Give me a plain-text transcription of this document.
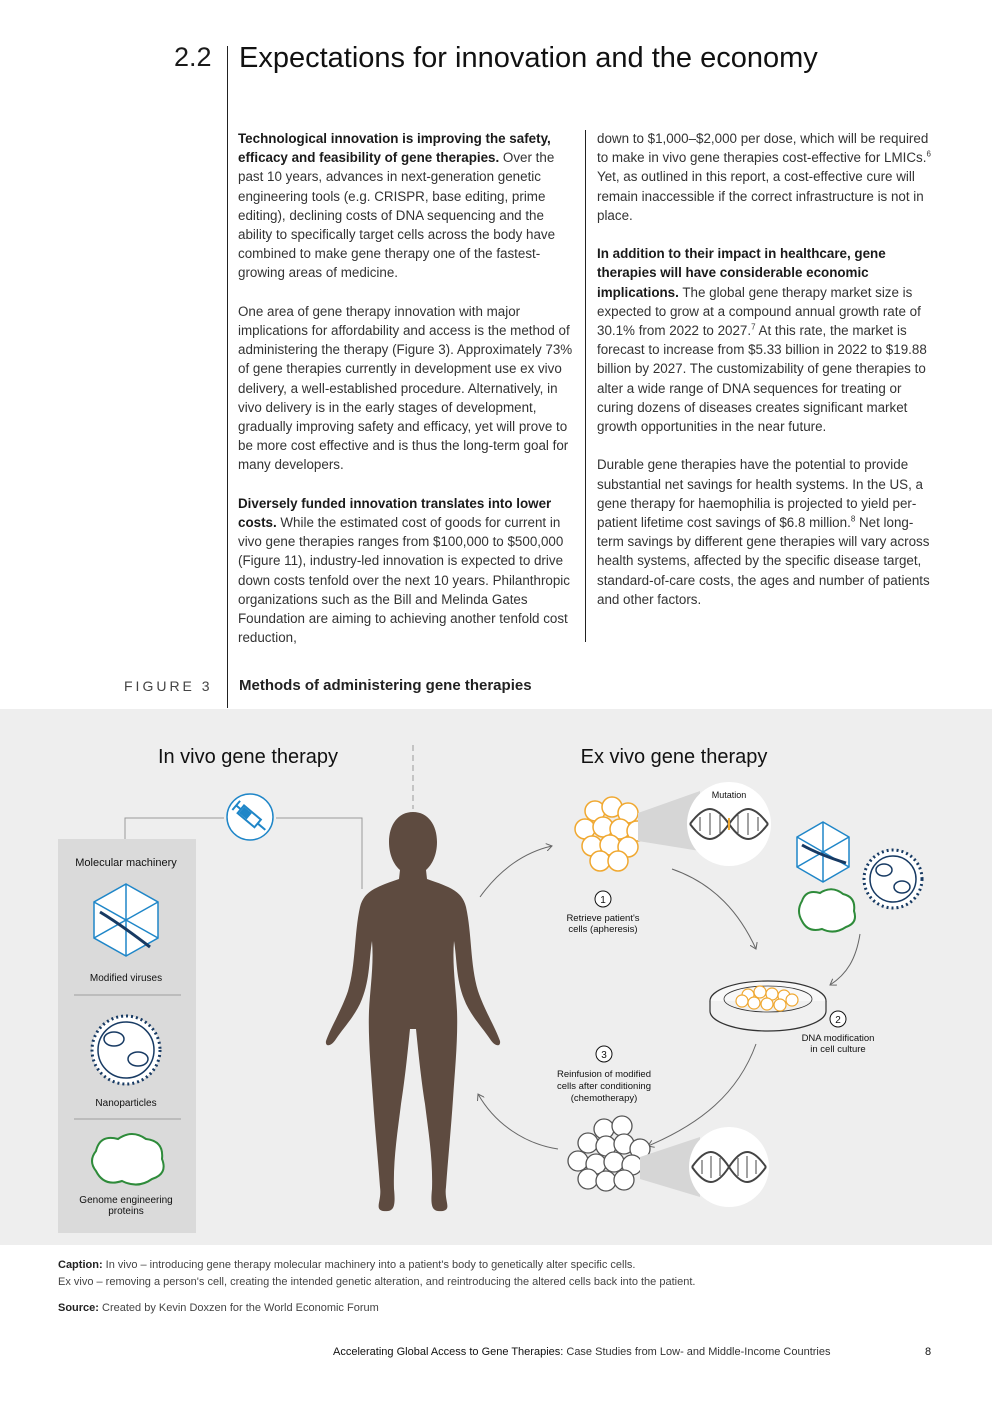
2.2 Expectations for innovation and the economy

Technological innovation is improving the safety, efficacy and feasibility of gene therapies. Over the past 10 years, advances in next-generation genetic engineering tools (e.g. CRISPR, base editing, prime editing), declining costs of DNA sequencing and the ability to specifically target cells across the body have combined to make gene therapy one of the fastest-growing areas of medicine.

One area of gene therapy innovation with major implications for affordability and access is the method of administering the therapy (Figure 3). Approximately 73% of gene therapies currently in development use ex vivo delivery, a well-established procedure. Alternatively, in vivo delivery is in the early stages of development, gradually improving safety and efficacy, yet will prove to be more cost effective and is thus the long-term goal for many developers.

Diversely funded innovation translates into lower costs. While the estimated cost of goods for current in vivo gene therapies ranges from $100,000 to $500,000 (Figure 11), industry-led innovation is expected to drive down costs tenfold over the next 10 years. Philanthropic organizations such as the Bill and Melinda Gates Foundation are aiming to achieving another tenfold cost reduction,

down to $1,000–$2,000 per dose, which will be required to make in vivo gene therapies cost-effective for LMICs.$^6$ Yet, as outlined in this report, a cost-effective cure will remain inaccessible if the correct infrastructure is not in place.

In addition to their impact in healthcare, gene therapies will have considerable economic implications. The global gene therapy market size is expected to grow at a compound annual growth rate of 30.1% from 2022 to 2027.$^7$ At this rate, the market is forecast to increase from $5.33 billion in 2022 to $19.88 billion by 2027. The customizability of gene therapies to alter a wide range of DNA sequences for treating or curing dozens of diseases creates significant market growth opportunities in the near future.

Durable gene therapies have the potential to provide substantial net savings for health systems. In the US, a gene therapy for haemophilia is projected to yield per-patient lifetime cost savings of $6.8 million.$^8$ Net long-term savings by different gene therapies will vary across health systems, affected by the specific disease target, standard-of-care costs, the ages and number of patients and other factors.

FIGURE 3 Methods of administering gene therapies
In vivo gene therapy	Ex vivo gene therapy
Molecular machinery
Modified viruses
Nanoparticles
Genome engineering
proteins
Mutation
1
Retrieve patient's
cells (apheresis)
2
DNA modification
in cell culture
3
Reinfusion of modified
cells after conditioning
(chemotherapy)
Caption: In vivo – introducing gene therapy molecular machinery into a patient's body to genetically alter specific cells.
Ex vivo – removing a person's cell, creating the intended genetic alteration, and reintroducing the altered cells back into the patient.
Source: Created by Kevin Doxzen for the World Economic Forum
Accelerating Global Access to Gene Therapies: Case Studies from Low- and Middle-Income Countries	8
